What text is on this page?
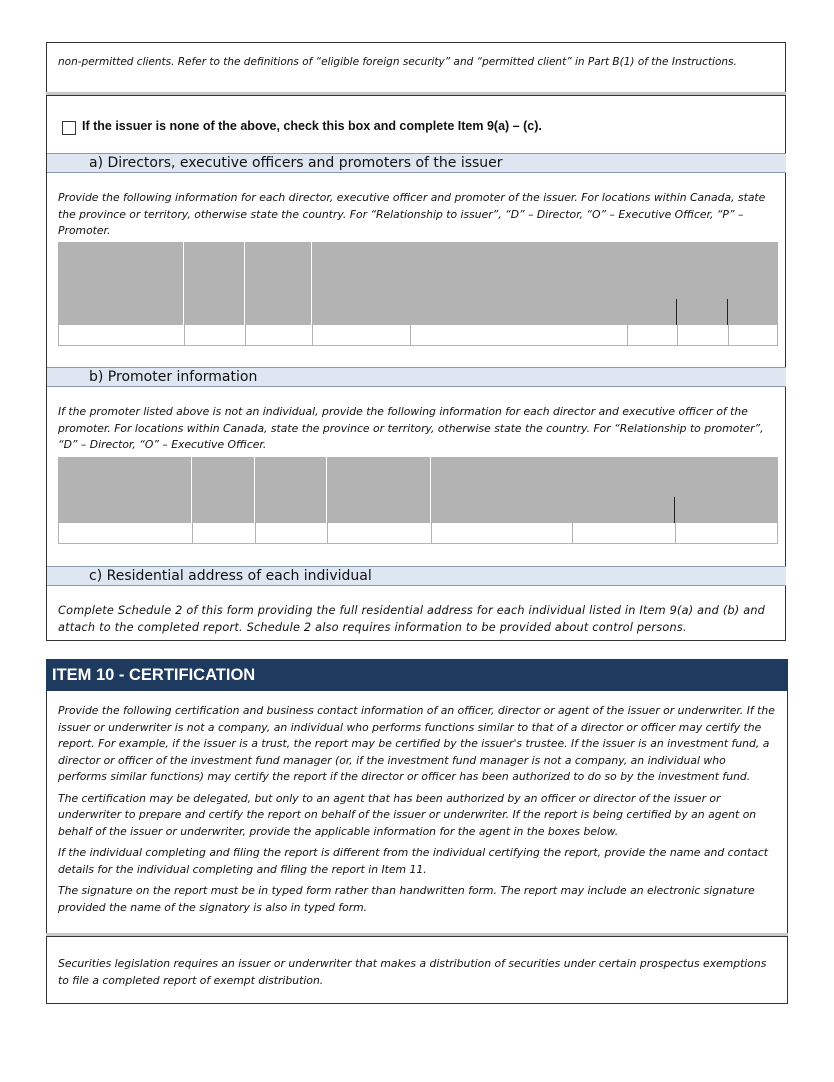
non-permitted clients. Refer to the definitions of “eligible foreign security” and “permitted client” in Part B(1) of the Instructions.
If the issuer is none of the above, check this box and complete Item 9(a) – (c).
a) Directors, executive officers and promoters of the issuer
Provide the following information for each director, executive officer and promoter of the issuer. For locations within Canada, state the province or territory, otherwise state the country. For “Relationship to issuer”, “D” – Director, “O” – Executive Officer, “P” – Promoter.
b) Promoter information
If the promoter listed above is not an individual, provide the following information for each director and executive officer of the promoter. For locations within Canada, state the province or territory, otherwise state the country. For “Relationship to promoter”, “D” – Director, “O” – Executive Officer.
c) Residential address of each individual
Complete Schedule 2 of this form providing the full residential address for each individual listed in Item 9(a) and (b) and attach to the completed report. Schedule 2 also requires information to be provided about control persons.
ITEM 10 - CERTIFICATION
Provide the following certification and business contact information of an officer, director or agent of the issuer or underwriter. If the issuer or underwriter is not a company, an individual who performs functions similar to that of a director or officer may certify the report. For example, if the issuer is a trust, the report may be certified by the issuer's trustee. If the issuer is an investment fund, a director or officer of the investment fund manager (or, if the investment fund manager is not a company, an individual who performs similar functions) may certify the report if the director or officer has been authorized to do so by the investment fund.
The certification may be delegated, but only to an agent that has been authorized by an officer or director of the issuer or underwriter to prepare and certify the report on behalf of the issuer or underwriter. If the report is being certified by an agent on behalf of the issuer or underwriter, provide the applicable information for the agent in the boxes below.
If the individual completing and filing the report is different from the individual certifying the report, provide the name and contact details for the individual completing and filing the report in Item 11.
The signature on the report must be in typed form rather than handwritten form. The report may include an electronic signature provided the name of the signatory is also in typed form.
Securities legislation requires an issuer or underwriter that makes a distribution of securities under certain prospectus exemptions to file a completed report of exempt distribution.
